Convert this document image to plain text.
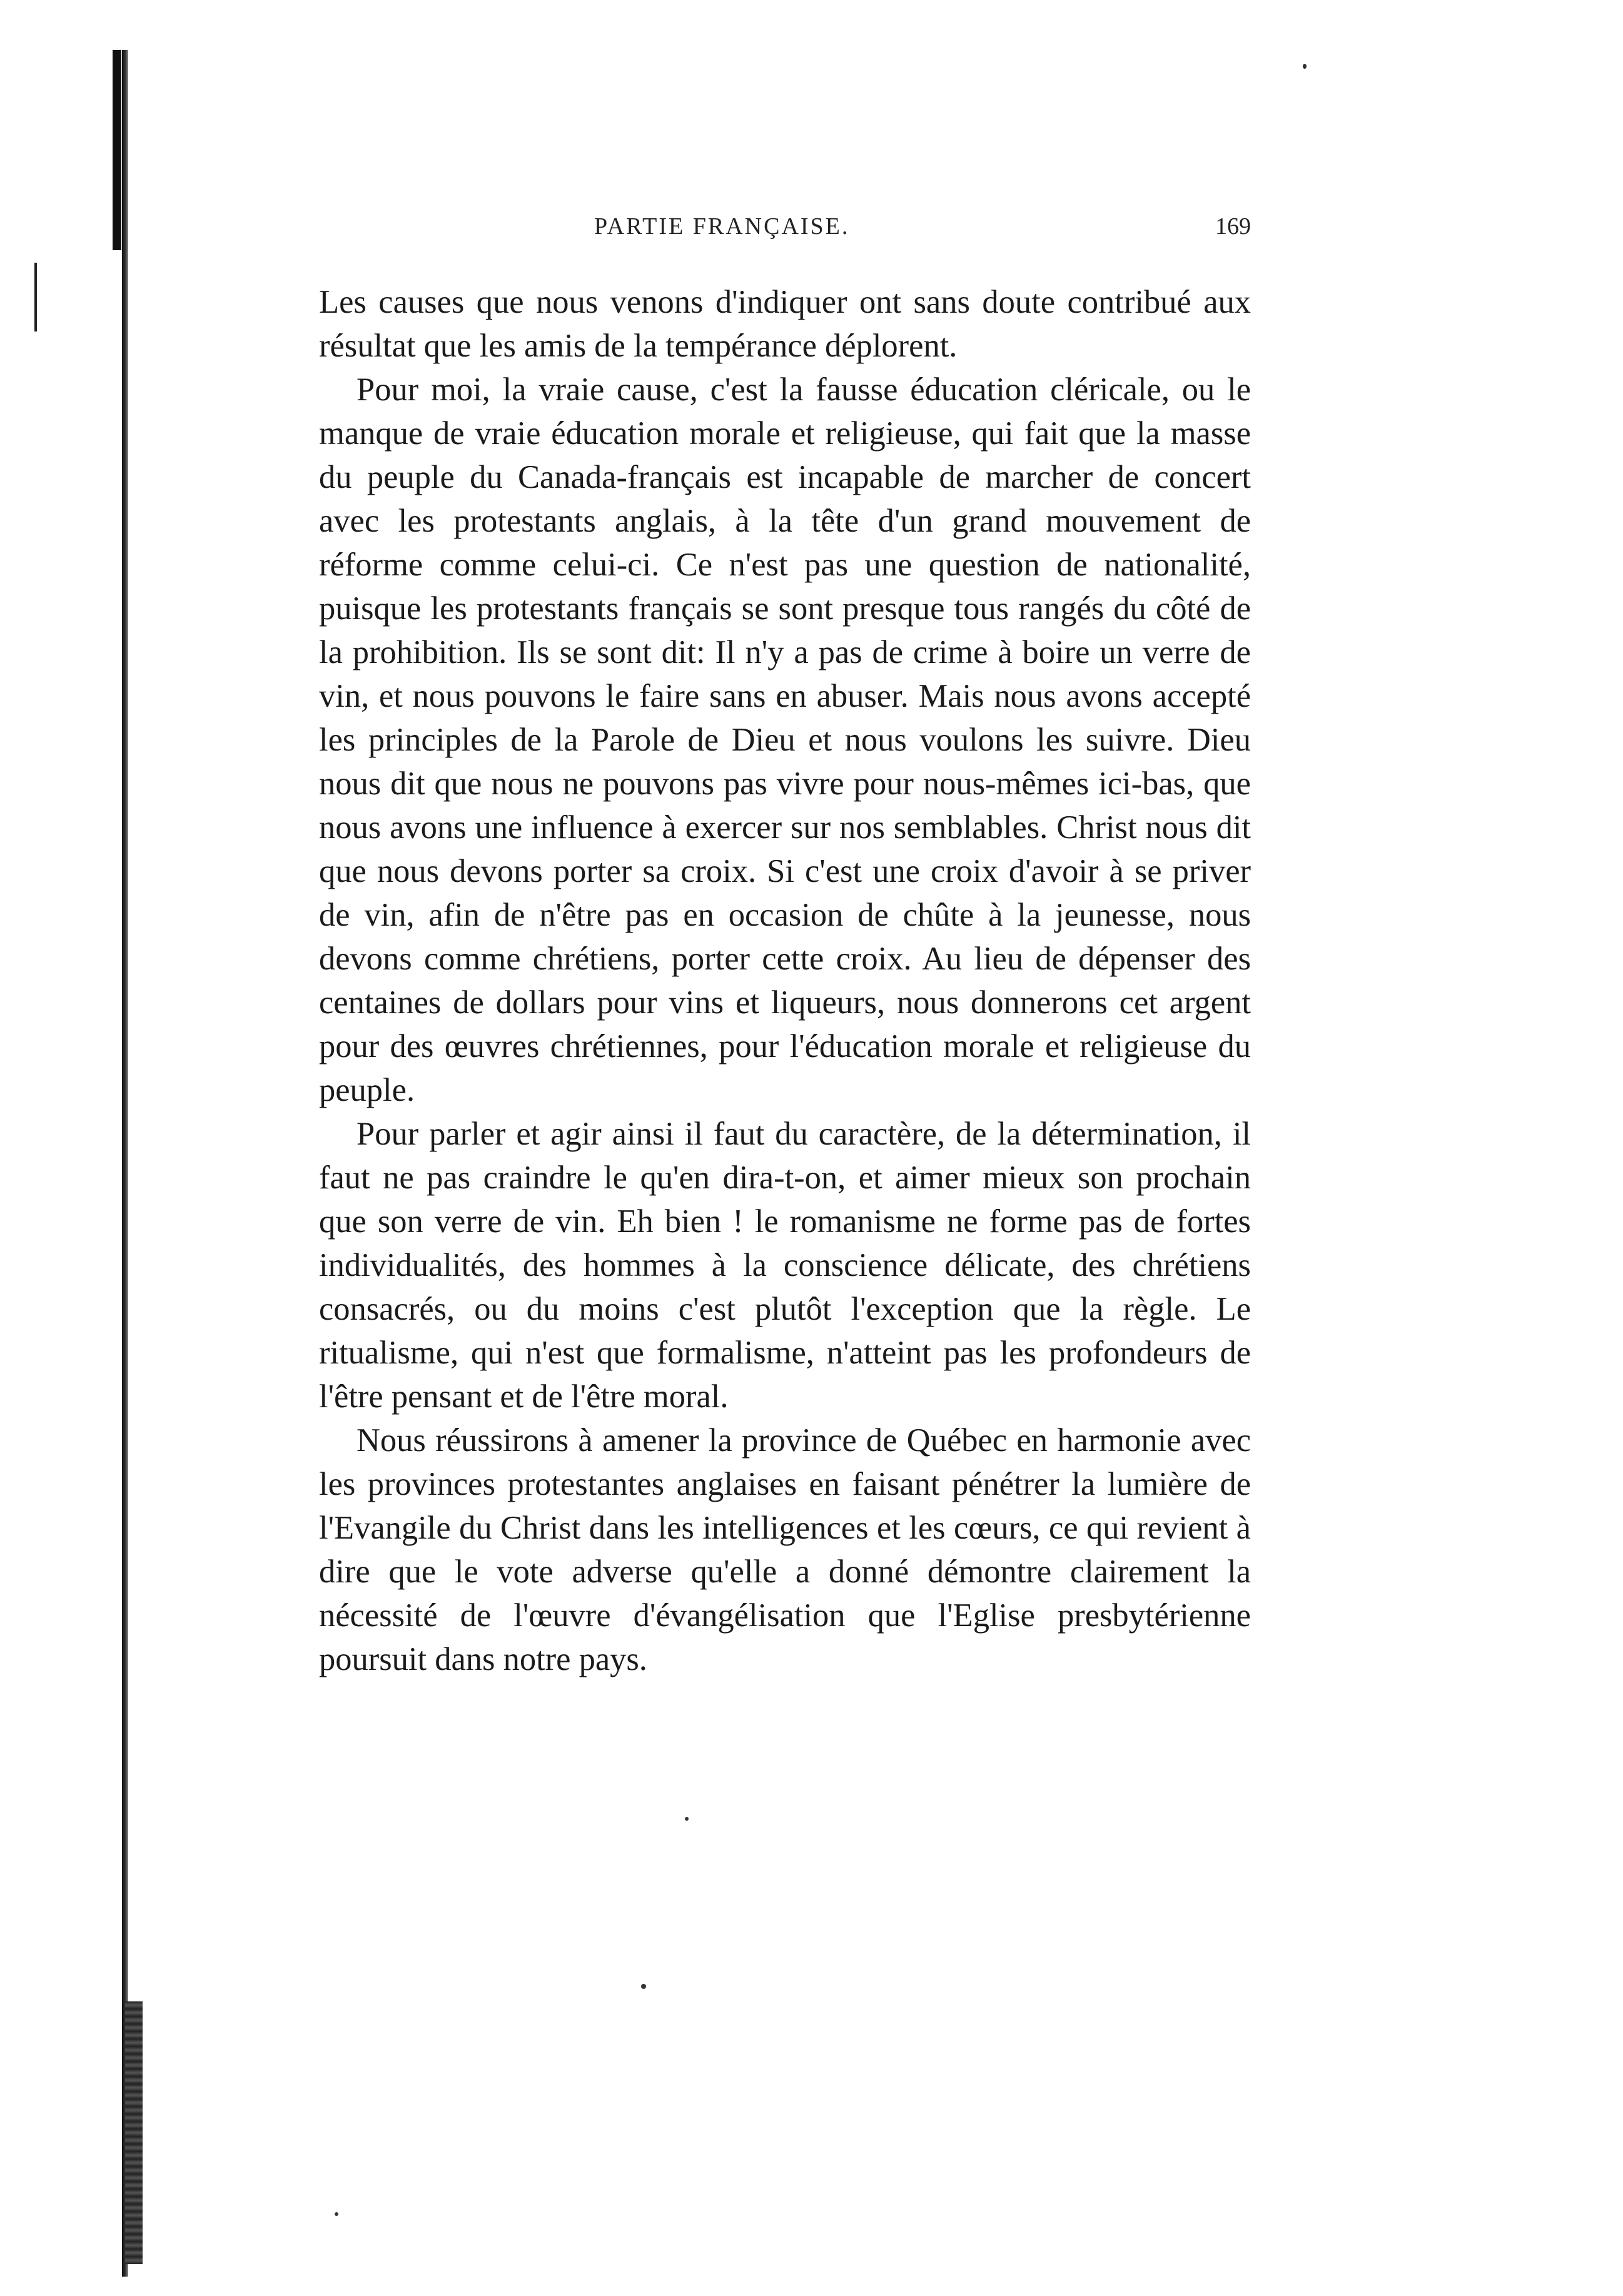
PARTIE FRANÇAISE.	169

Les causes que nous venons d'indiquer ont sans doute contribué aux résultat que les amis de la tempérance déplorent.

Pour moi, la vraie cause, c'est la fausse éducation cléricale, ou le manque de vraie éducation morale et religieuse, qui fait que la masse du peuple du Canada-français est incapable de marcher de concert avec les protestants anglais, à la tête d'un grand mouvement de réforme comme celui-ci. Ce n'est pas une question de nationalité, puisque les protestants français se sont presque tous rangés du côté de la prohibition. Ils se sont dit: Il n'y a pas de crime à boire un verre de vin, et nous pouvons le faire sans en abuser. Mais nous avons accepté les principles de la Parole de Dieu et nous voulons les suivre. Dieu nous dit que nous ne pouvons pas vivre pour nous-mêmes ici-bas, que nous avons une influence à exercer sur nos semblables. Christ nous dit que nous devons porter sa croix. Si c'est une croix d'avoir à se priver de vin, afin de n'être pas en occasion de chûte à la jeunesse, nous devons comme chrétiens, porter cette croix. Au lieu de dépenser des centaines de dollars pour vins et liqueurs, nous donnerons cet argent pour des œuvres chrétiennes, pour l'éducation morale et religieuse du peuple.

Pour parler et agir ainsi il faut du caractère, de la détermination, il faut ne pas craindre le qu'en dira-t-on, et aimer mieux son prochain que son verre de vin. Eh bien ! le romanisme ne forme pas de fortes individualités, des hommes à la conscience délicate, des chrétiens consacrés, ou du moins c'est plutôt l'exception que la règle. Le ritualisme, qui n'est que formalisme, n'atteint pas les profondeurs de l'être pensant et de l'être moral.

Nous réussirons à amener la province de Québec en harmonie avec les provinces protestantes anglaises en faisant pénétrer la lumière de l'Evangile du Christ dans les intelligences et les cœurs, ce qui revient à dire que le vote adverse qu'elle a donné démontre clairement la nécessité de l'œuvre d'évangélisation que l'Eglise presbytérienne poursuit dans notre pays.
